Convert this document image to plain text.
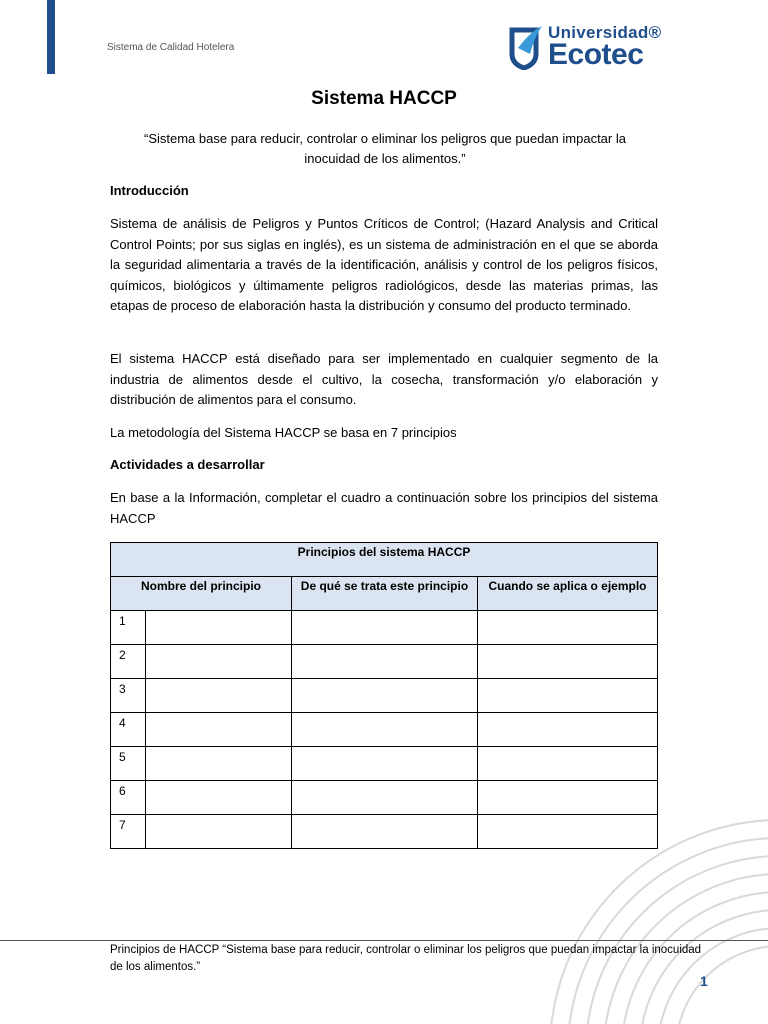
Sistema de Calidad Hotelera
Universidad®
Ecotec
Sistema HACCP
“Sistema base para reducir, controlar o eliminar los peligros que puedan impactar la inocuidad de los alimentos.”
Introducción
Sistema de análisis de Peligros y Puntos Críticos de Control; (Hazard Analysis and Critical Control Points; por sus siglas en inglés), es un sistema de administración en el que se aborda la seguridad alimentaria a través de la identificación, análisis y control de los peligros físicos, químicos, biológicos y últimamente peligros radiológicos, desde las materias primas, las etapas de proceso de elaboración hasta la distribución y consumo del producto terminado.
El sistema HACCP está diseñado para ser implementado en cualquier segmento de la industria de alimentos desde el cultivo, la cosecha, transformación y/o elaboración y distribución de alimentos para el consumo.
La metodología del Sistema HACCP se basa en 7 principios
Actividades a desarrollar
En base a la Información, completar el cuadro a continuación sobre los principios del sistema HACCP
Principios del sistema HACCP			
Nombre del principio		De qué se trata este principio	Cuando se aplica o ejemplo
1			
2			
3			
4			
5			
6			
7			
Principios de HACCP “Sistema base para reducir, controlar o eliminar los peligros que puedan impactar la inocuidad de los alimentos.”
1
